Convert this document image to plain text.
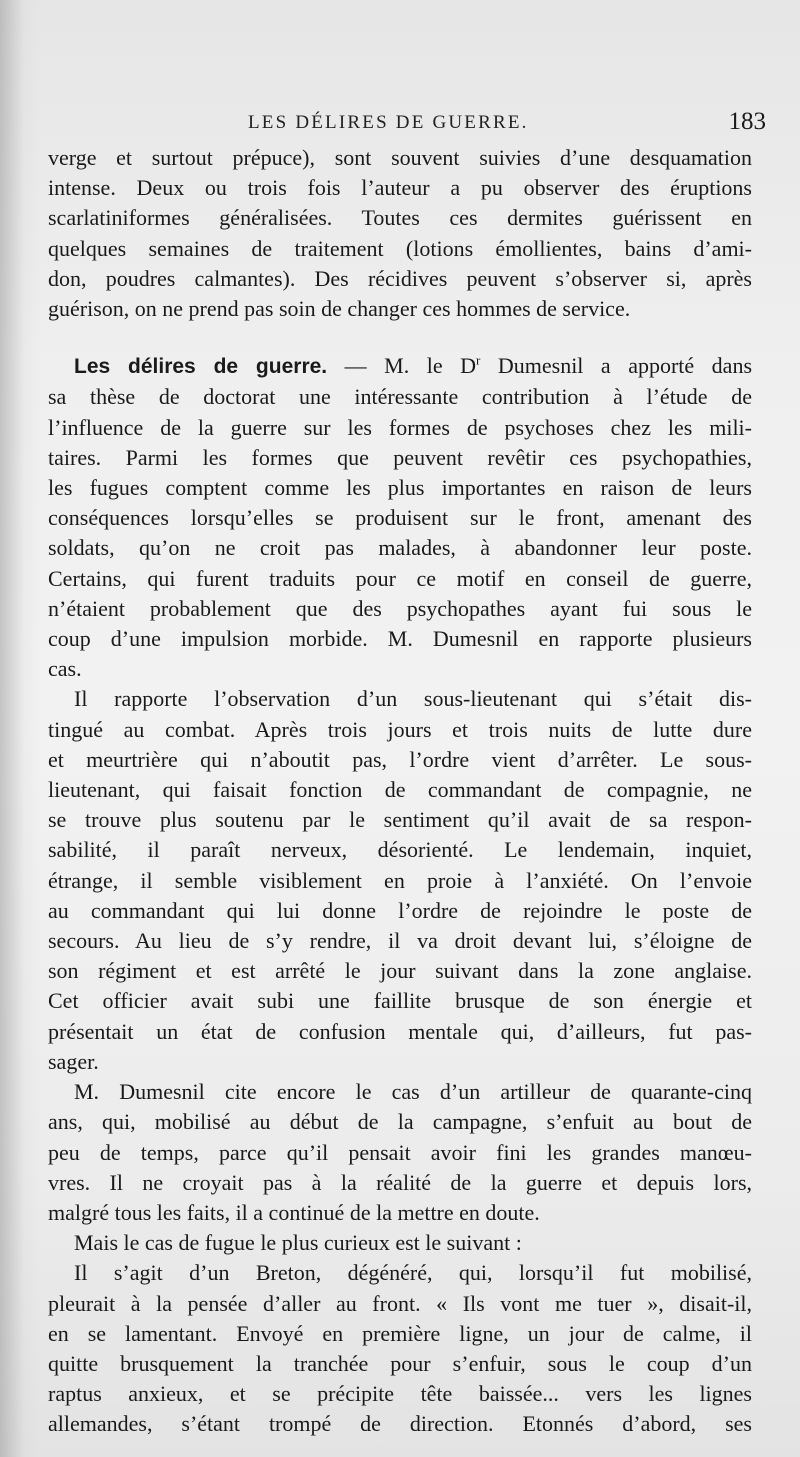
LES DÉLIRES DE GUERRE.	183

verge et surtout prépuce), sont souvent suivies d’une desquamation

intense. Deux ou trois fois l’auteur a pu observer des éruptions

scarlatiniformes généralisées. Toutes ces dermites guérissent en

quelques semaines de traitement (lotions émollientes, bains d’ami-

don, poudres calmantes). Des récidives peuvent s’observer si, après

guérison, on ne prend pas soin de changer ces hommes de service.

Les délires de guerre. — M. le $D^r$ Dumesnil a apporté dans

sa thèse de doctorat une intéressante contribution à l’étude de

l’influence de la guerre sur les formes de psychoses chez les mili-

taires. Parmi les formes que peuvent revêtir ces psychopathies,

les fugues comptent comme les plus importantes en raison de leurs

conséquences lorsqu’elles se produisent sur le front, amenant des

soldats, qu’on ne croit pas malades, à abandonner leur poste.

Certains, qui furent traduits pour ce motif en conseil de guerre,

n’étaient probablement que des psychopathes ayant fui sous le

coup d’une impulsion morbide. M. Dumesnil en rapporte plusieurs

cas.

Il rapporte l’observation d’un sous-lieutenant qui s’était dis-

tingué au combat. Après trois jours et trois nuits de lutte dure

et meurtrière qui n’aboutit pas, l’ordre vient d’arrêter. Le sous-

lieutenant, qui faisait fonction de commandant de compagnie, ne

se trouve plus soutenu par le sentiment qu’il avait de sa respon-

sabilité, il paraît nerveux, désorienté. Le lendemain, inquiet,

étrange, il semble visiblement en proie à l’anxiété. On l’envoie

au commandant qui lui donne l’ordre de rejoindre le poste de

secours. Au lieu de s’y rendre, il va droit devant lui, s’éloigne de

son régiment et est arrêté le jour suivant dans la zone anglaise.

Cet officier avait subi une faillite brusque de son énergie et

présentait un état de confusion mentale qui, d’ailleurs, fut pas-

sager.

M. Dumesnil cite encore le cas d’un artilleur de quarante-cinq

ans, qui, mobilisé au début de la campagne, s’enfuit au bout de

peu de temps, parce qu’il pensait avoir fini les grandes manœu-

vres. Il ne croyait pas à la réalité de la guerre et depuis lors,

malgré tous les faits, il a continué de la mettre en doute.

Mais le cas de fugue le plus curieux est le suivant :

Il s’agit d’un Breton, dégénéré, qui, lorsqu’il fut mobilisé,

pleurait à la pensée d’aller au front. « Ils vont me tuer », disait-il,

en se lamentant. Envoyé en première ligne, un jour de calme, il

quitte brusquement la tranchée pour s’enfuir, sous le coup d’un

raptus anxieux, et se précipite tête baissée... vers les lignes

allemandes, s’étant trompé de direction. Etonnés d’abord, ses
